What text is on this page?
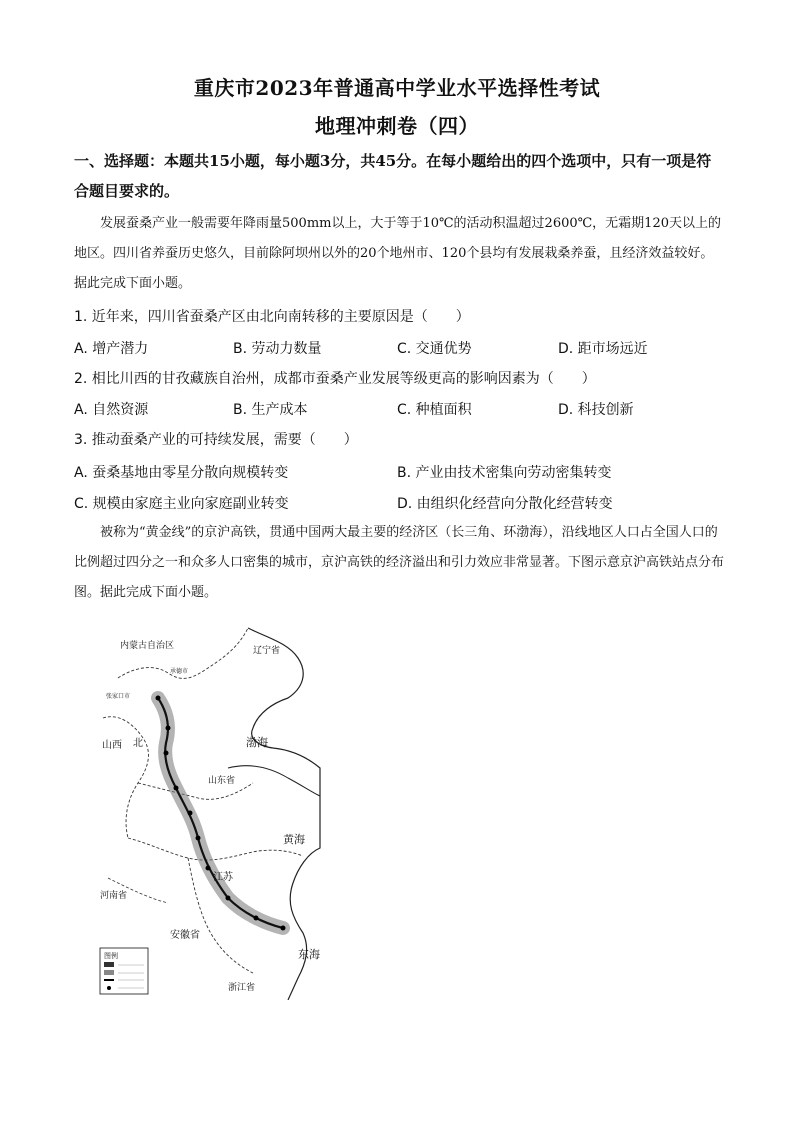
重庆市2023年普通高中学业水平选择性考试
地理冲刺卷（四）
一、选择题：本题共15小题，每小题3分，共45分。在每小题给出的四个选项中，只有一项是符合题目要求的。
发展蚕桑产业一般需要年降雨量500mm以上，大于等于10℃的活动积温超过2600℃，无霜期120天以上的地区。四川省养蚕历史悠久，目前除阿坝州以外的20个地州市、120个县均有发展栽桑养蚕，且经济效益较好。据此完成下面小题。
1. 近年来，四川省蚕桑产区由北向南转移的主要原因是（　　）
A. 增产潜力	B. 劳动力数量	C. 交通优势	D. 距市场远近
2. 相比川西的甘孜藏族自治州，成都市蚕桑产业发展等级更高的影响因素为（　　）
A. 自然资源	B. 生产成本	C. 种植面积	D. 科技创新
3. 推动蚕桑产业的可持续发展，需要（　　）
A. 蚕桑基地由零星分散向规模转变	B. 产业由技术密集向劳动密集转变
C. 规模由家庭主业向家庭副业转变	D. 由组织化经营向分散化经营转变
被称为“黄金线”的京沪高铁，贯通中国两大最主要的经济区（长三角、环渤海），沿线地区人口占全国人口的比例超过四分之一和众多人口密集的城市，京沪高铁的经济溢出和引力效应非常显著。下图示意京沪高铁站点分布图。据此完成下面小题。
内蒙古自治区	辽宁省
承德市
张家口市
渤海
山西 北
山东省
黄海
河南省
江苏
安徽省
浙江省
东海
图例
